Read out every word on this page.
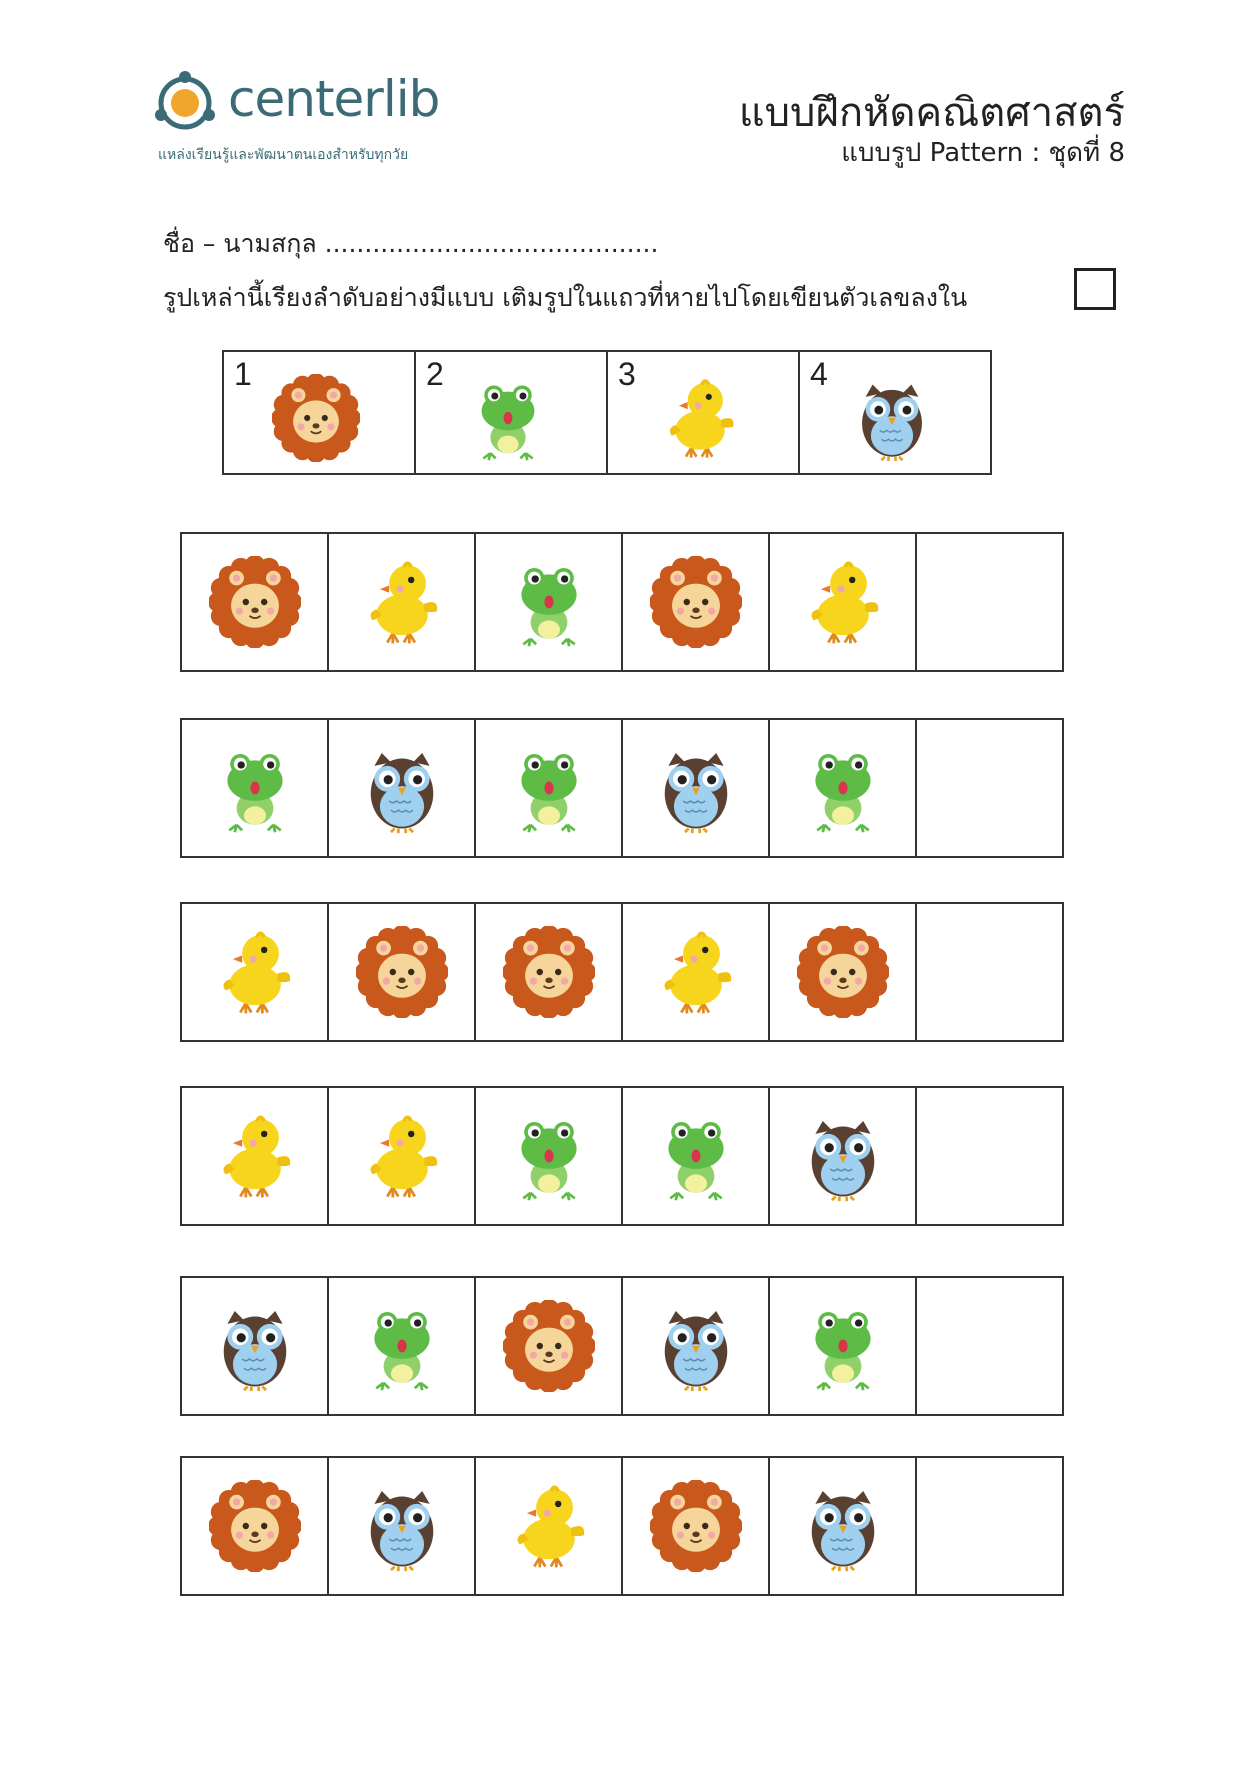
centerlib
แหล่งเรียนรู้และพัฒนาตนเองสำหรับทุกวัย
แบบฝึกหัดคณิตศาสตร์
แบบรูป Pattern : ชุดที่ 8
ชื่อ – นามสกุล ..........................................
รูปเหล่านี้เรียงลำดับอย่างมีแบบ เติมรูปในแถวที่หายไปโดยเขียนตัวเลขลงใน
1	2	3	4
